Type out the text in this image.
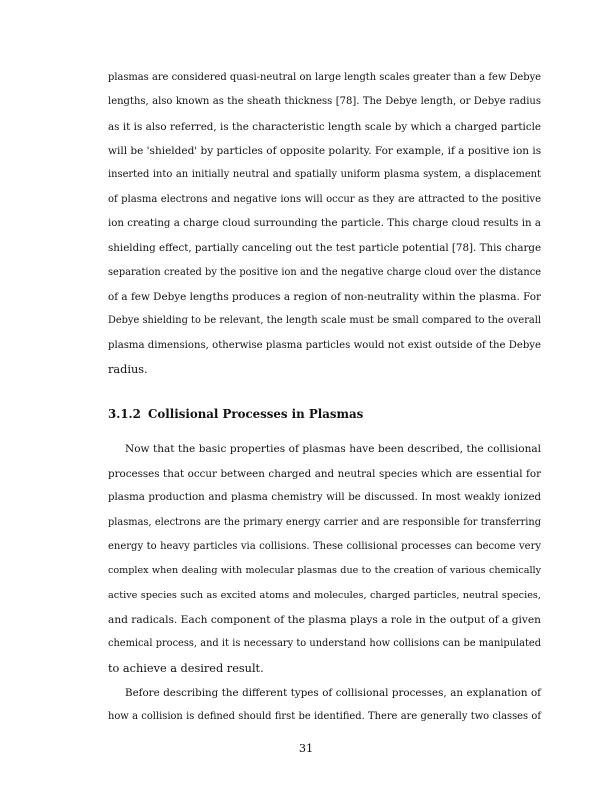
plasmas are considered quasi-neutral on large length scales greater than a few Debye
lengths, also known as the sheath thickness [78]. The Debye length, or Debye radius
as it is also referred, is the characteristic length scale by which a charged particle
will be 'shielded' by particles of opposite polarity. For example, if a positive ion is
inserted into an initially neutral and spatially uniform plasma system, a displacement
of plasma electrons and negative ions will occur as they are attracted to the positive
ion creating a charge cloud surrounding the particle. This charge cloud results in a
shielding effect, partially canceling out the test particle potential [78]. This charge
separation created by the positive ion and the negative charge cloud over the distance
of a few Debye lengths produces a region of non-neutrality within the plasma. For
Debye shielding to be relevant, the length scale must be small compared to the overall
plasma dimensions, otherwise plasma particles would not exist outside of the Debye
radius.

3.1.2 Collisional Processes in Plasmas

Now that the basic properties of plasmas have been described, the collisional
processes that occur between charged and neutral species which are essential for
plasma production and plasma chemistry will be discussed. In most weakly ionized
plasmas, electrons are the primary energy carrier and are responsible for transferring
energy to heavy particles via collisions. These collisional processes can become very
complex when dealing with molecular plasmas due to the creation of various chemically
active species such as excited atoms and molecules, charged particles, neutral species,
and radicals. Each component of the plasma plays a role in the output of a given
chemical process, and it is necessary to understand how collisions can be manipulated
to achieve a desired result.

Before describing the different types of collisional processes, an explanation of
how a collision is defined should first be identified. There are generally two classes of

31
